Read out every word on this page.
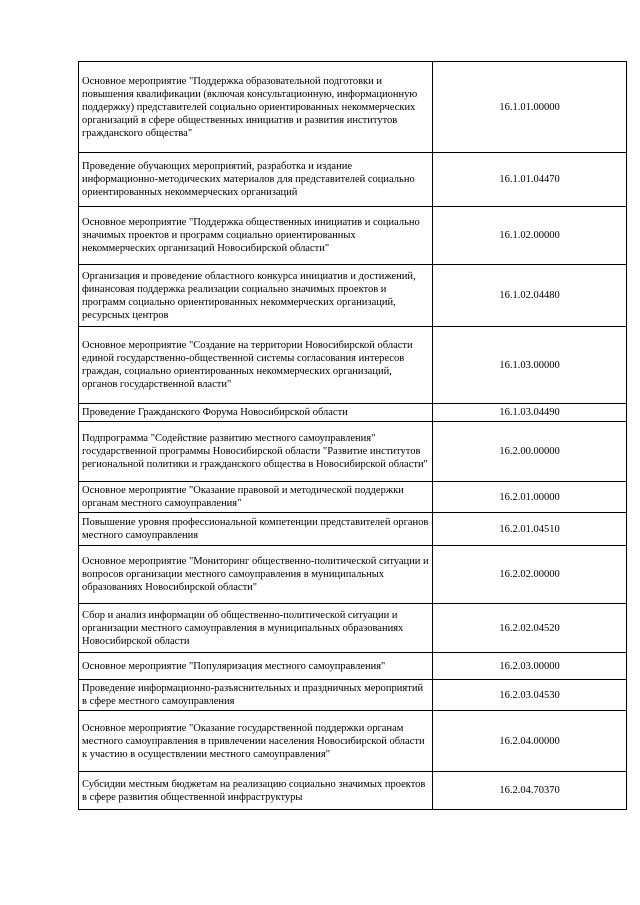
Основное мероприятие "Поддержка образовательной подготовки и повышения квалификации (включая консультационную, информационную поддержку) представителей социально ориентированных некоммерческих организаций в сфере общественных инициатив и развития институтов гражданского общества"	16.1.01.00000
Проведение обучающих мероприятий, разработка и издание информационно-методических материалов для представителей социально ориентированных некоммерческих организаций	16.1.01.04470
Основное мероприятие "Поддержка общественных инициатив и социально значимых проектов и программ социально ориентированных некоммерческих организаций Новосибирской области"	16.1.02.00000
Организация и проведение областного конкурса инициатив и достижений, финансовая поддержка реализации социально значимых проектов и программ социально ориентированных некоммерческих организаций, ресурсных центров	16.1.02.04480
Основное мероприятие "Создание на территории Новосибирской области единой государственно-общественной системы согласования интересов граждан, социально ориентированных некоммерческих организаций, органов государственной власти"	16.1.03.00000
Проведение Гражданского Форума Новосибирской области	16.1.03.04490
Подпрограмма "Содействие развитию местного самоуправления" государственной программы Новосибирской области "Развитие институтов региональной политики и гражданского общества в Новосибирской области"	16.2.00.00000
Основное мероприятие "Оказание правовой и методической поддержки органам местного самоуправления"	16.2.01.00000
Повышение уровня профессиональной компетенции представителей органов местного самоуправления	16.2.01.04510
Основное мероприятие "Мониторинг общественно-политической ситуации и вопросов организации местного самоуправления в муниципальных образованиях Новосибирской области"	16.2.02.00000
Сбор и анализ информации об общественно-политической ситуации и организации местного самоуправления в муниципальных образованиях Новосибирской области	16.2.02.04520
Основное мероприятие "Популяризация местного самоуправления"	16.2.03.00000
Проведение информационно-разъяснительных и праздничных мероприятий в сфере местного самоуправления	16.2.03.04530
Основное мероприятие "Оказание государственной поддержки органам местного самоуправления в привлечении населения Новосибирской области к участию в осуществлении местного самоуправления"	16.2.04.00000
Субсидии местным бюджетам на реализацию социально значимых проектов в сфере развития общественной инфраструктуры	16.2.04.70370
